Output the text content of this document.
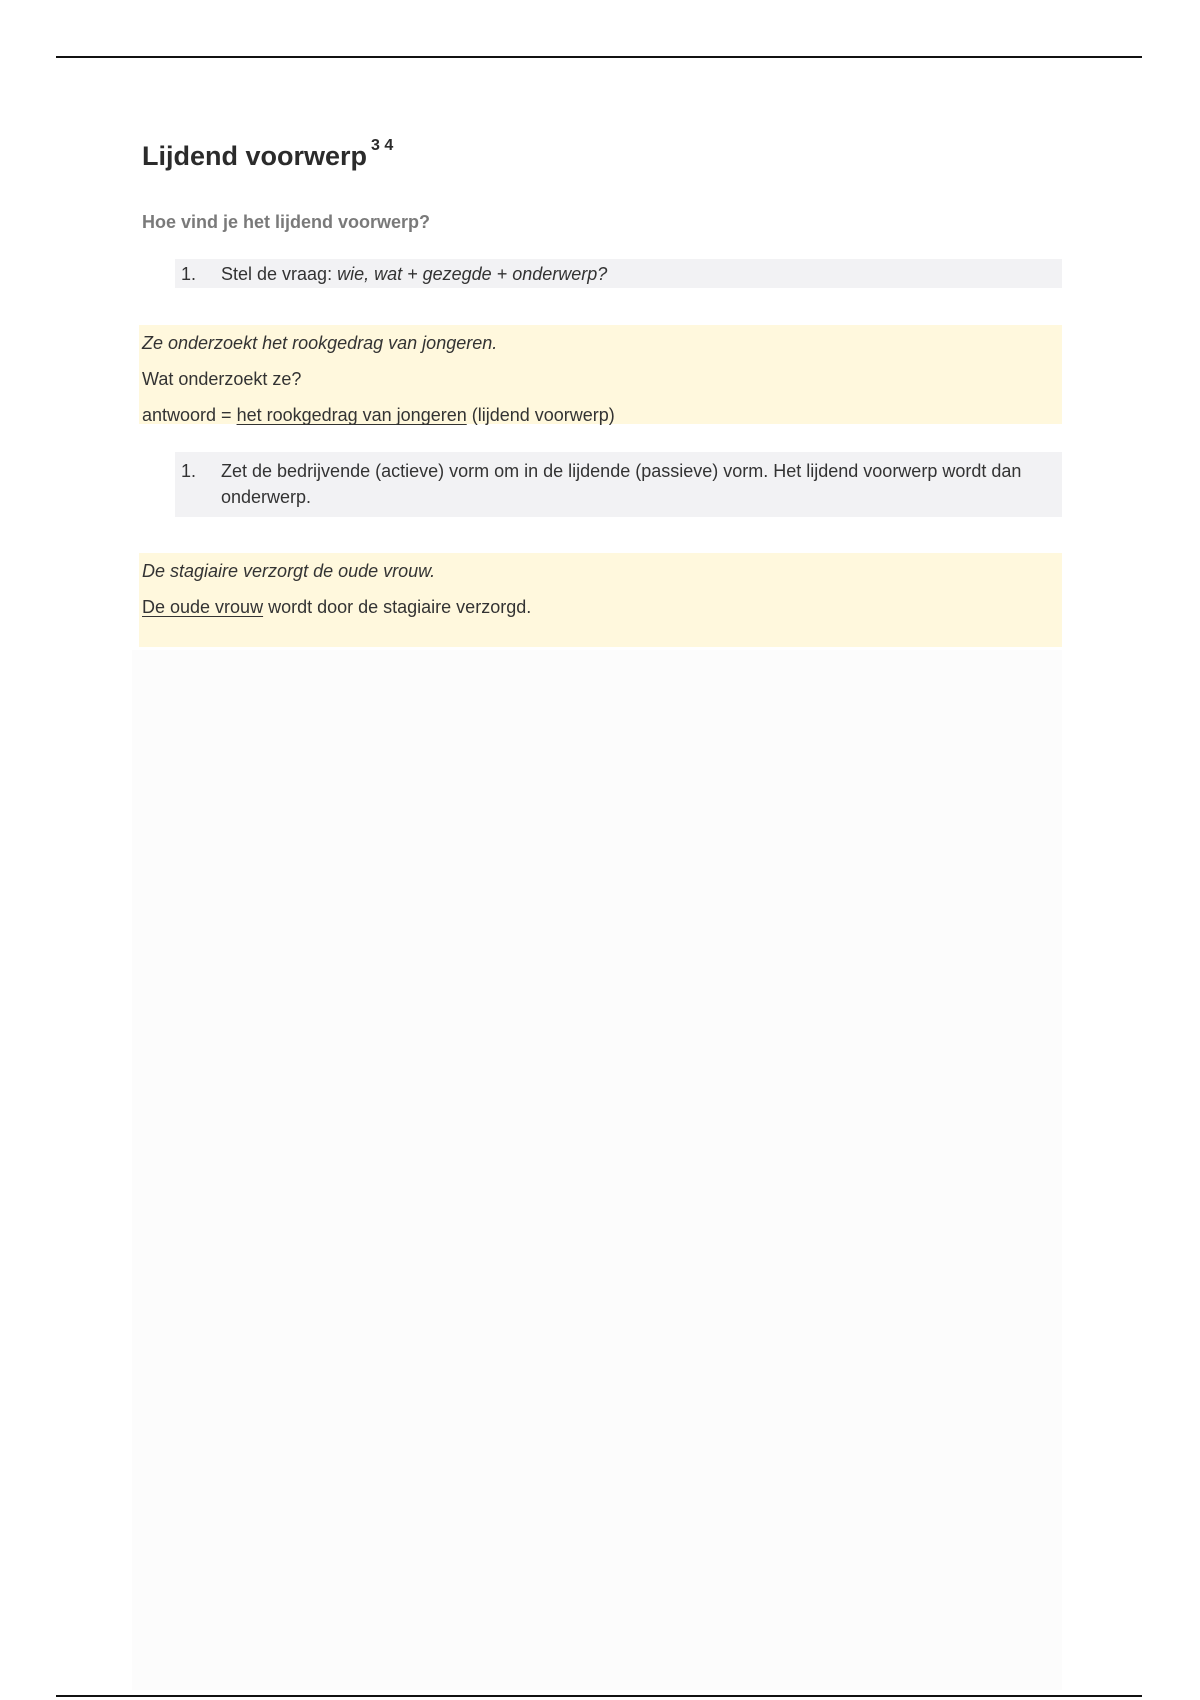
Lijdend voorwerp $^{3 4}$

Hoe vind je het lijdend voorwerp?

1.	Stel de vraag: wie, wat + gezegde + onderwerp?

Ze onderzoekt het rookgedrag van jongeren.

Wat onderzoekt ze?

antwoord = het rookgedrag van jongeren (lijdend voorwerp)

1.	Zet de bedrijvende (actieve) vorm om in de lijdende (passieve) vorm. Het lijdend voorwerp wordt dan onderwerp.

De stagiaire verzorgt de oude vrouw.

De oude vrouw wordt door de stagiaire verzorgd.
